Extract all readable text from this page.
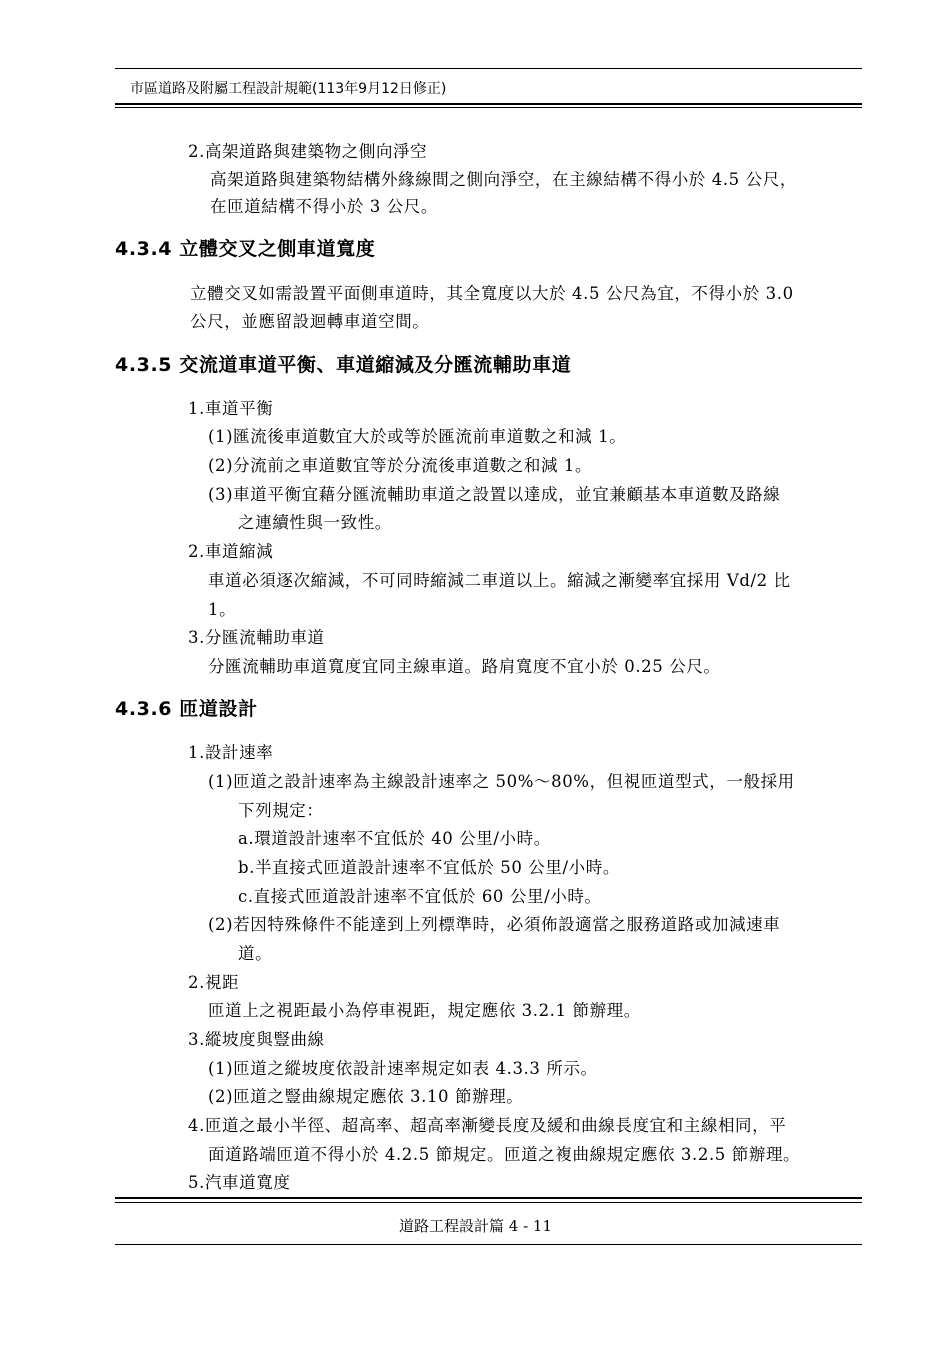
市區道路及附屬工程設計規範(113年9月12日修正)
2.高架道路與建築物之側向淨空
高架道路與建築物結構外緣線間之側向淨空，在主線結構不得小於 4.5 公尺，
在匝道結構不得小於 3 公尺。
4.3.4 立體交叉之側車道寬度
立體交叉如需設置平面側車道時，其全寬度以大於 4.5 公尺為宜，不得小於 3.0
公尺，並應留設迴轉車道空間。
4.3.5 交流道車道平衡、車道縮減及分匯流輔助車道
1.車道平衡
(1)匯流後車道數宜大於或等於匯流前車道數之和減 1。
(2)分流前之車道數宜等於分流後車道數之和減 1。
(3)車道平衡宜藉分匯流輔助車道之設置以達成，並宜兼顧基本車道數及路線
之連續性與一致性。
2.車道縮減
車道必須逐次縮減，不可同時縮減二車道以上。縮減之漸變率宜採用 Vd/2 比
1。
3.分匯流輔助車道
分匯流輔助車道寬度宜同主線車道。路肩寬度不宜小於 0.25 公尺。
4.3.6 匝道設計
1.設計速率
(1)匝道之設計速率為主線設計速率之 50%～80%，但視匝道型式，一般採用
下列規定：
a.環道設計速率不宜低於 40 公里/小時。
b.半直接式匝道設計速率不宜低於 50 公里/小時。
c.直接式匝道設計速率不宜低於 60 公里/小時。
(2)若因特殊條件不能達到上列標準時，必須佈設適當之服務道路或加減速車
道。
2.視距
匝道上之視距最小為停車視距，規定應依 3.2.1 節辦理。
3.縱坡度與豎曲線
(1)匝道之縱坡度依設計速率規定如表 4.3.3 所示。
(2)匝道之豎曲線規定應依 3.10 節辦理。
4.匝道之最小半徑、超高率、超高率漸變長度及緩和曲線長度宜和主線相同，平
面道路端匝道不得小於 4.2.5 節規定。匝道之複曲線規定應依 3.2.5 節辦理。
5.汽車道寬度
道路工程設計篇 4 - 11
